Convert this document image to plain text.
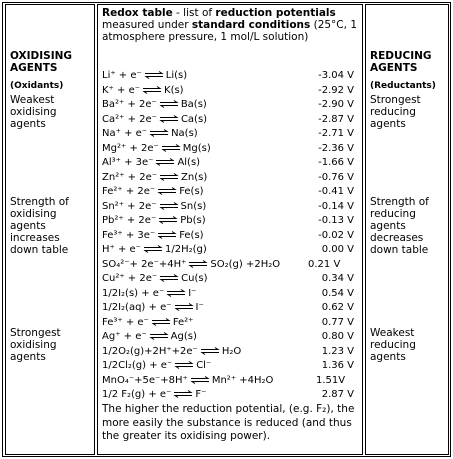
OXIDISING AGENTS
(Oxidants)
Weakest oxidising agents
Strength of oxidising agents increases down table
Strongest oxidising agents
Redox table - list of reduction potentials measured under standard conditions (25°C, 1 atmosphere pressure, 1 mol/L solution)
Li⁺ + e⁻ ⇌ Li(s)	-3.04 V
K⁺ + e⁻ ⇌ K(s)	-2.92 V
Ba²⁺ + 2e⁻ ⇌ Ba(s)	-2.90 V
Ca²⁺ + 2e⁻ ⇌ Ca(s)	-2.87 V
Na⁺ + e⁻ ⇌ Na(s)	-2.71 V
Mg²⁺ + 2e⁻ ⇌ Mg(s)	-2.36 V
Al³⁺ + 3e⁻ ⇌ Al(s)	-1.66 V
Zn²⁺ + 2e⁻ ⇌ Zn(s)	-0.76 V
Fe²⁺ + 2e⁻ ⇌ Fe(s)	-0.41 V
Sn²⁺ + 2e⁻ ⇌ Sn(s)	-0.14 V
Pb²⁺ + 2e⁻ ⇌ Pb(s)	-0.13 V
Fe³⁺ + 3e⁻ ⇌ Fe(s)	-0.02 V
H⁺ + e⁻ ⇌ 1/2H₂(g)	0.00 V
SO₄²⁻+ 2e⁻+4H⁺ ⇌ SO₂(g) +2H₂O	0.21 V
Cu²⁺ + 2e⁻ ⇌ Cu(s)	0.34 V
1/2I₂(s) + e⁻ ⇌ I⁻	0.54 V
1/2I₂(aq) + e⁻ ⇌ I⁻	0.62 V
Fe³⁺ + e⁻ ⇌ Fe²⁺	0.77 V
Ag⁺ + e⁻ ⇌ Ag(s)	0.80 V
1/2O₂(g)+2H⁺+2e⁻ ⇌ H₂O	1.23 V
1/2Cl₂(g) + e⁻ ⇌ Cl⁻	1.36 V
MnO₄⁻+5e⁻+8H⁺ ⇌ Mn²⁺ +4H₂O	1.51V
1/2 F₂(g) + e⁻ ⇌ F⁻	2.87 V
The higher the reduction potential, (e.g. F₂), the more easily the substance is reduced (and thus the greater its oxidising power).
REDUCING AGENTS
(Reductants)
Strongest reducing agents
Strength of reducing agents decreases down table
Weakest reducing agents
